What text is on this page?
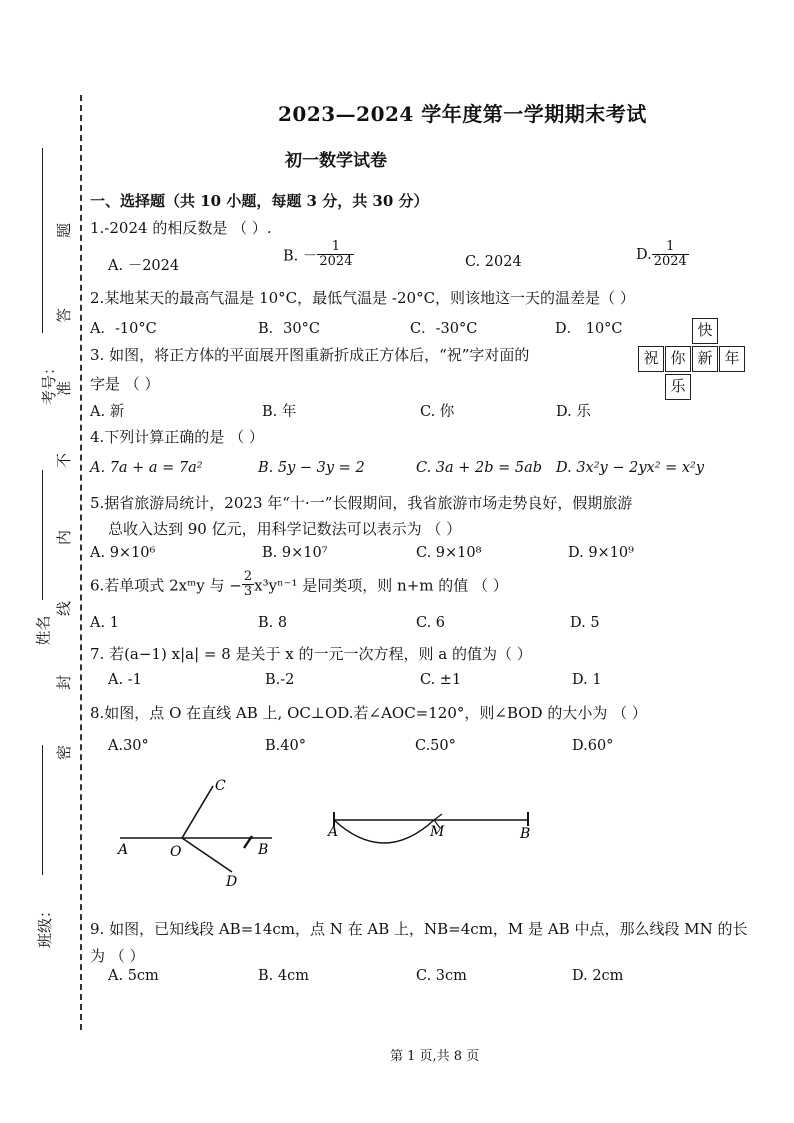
考号：
姓名
班级：
题
答
准
不
内
线
封
密
2023—2024 学年度第一学期期末考试
初一数学试卷
一、选择题（共 10 小题，每题 3 分，共 30 分）
1.-2024 的相反数是 （ ）.
A. －2024
B. － $\frac{1}{2024}$	C. 2024	D. $\frac{1}{2024}$
2.某地某天的最高气温是 10°C，最低气温是 -20°C，则该地这一天的温差是（ ）
A．-10°C	B．30°C	C．-30°C	D． 10°C
3. 如图，将正方体的平面展开图重新折成正方体后，“祝”字对面的
字是 （ ）
A. 新	B. 年	C. 你	D. 乐
快
祝 你 新 年
乐
4.下列计算正确的是 （ ）
A. 7a + a = 7a²	B. 5y − 3y = 2	C. 3a + 2b = 5ab D. 3x²y − 2yx² = x²y
5.据省旅游局统计，2023 年“十·一”长假期间，我省旅游市场走势良好，假期旅游
总收入达到 90 亿元，用科学记数法可以表示为 （ ）
A. 9×10⁶	B. 9×10⁷	C. 9×10⁸	D. 9×10⁹
6.若单项式 2xᵐy 与 − $\frac{2}{3} x^3y^{n-1}$ 是同类项，则 n+m 的值 （ ）
A. 1	B. 8	C. 6	D. 5
7. 若(a−1) x|a| = 8 是关于 x 的一元一次方程，则 a 的值为（ ）
A. -1	B.-2	C. ±1	D. 1
8.如图，点 O 在直线 AB 上, OC⊥OD.若∠AOC=120°，则∠BOD 的大小为 （ ）
A.30°	B.40°	C.50°	D.60°
C
A	O	B
D
A	M	B
9. 如图，已知线段 AB=14cm，点 N 在 AB 上，NB=4cm，M 是 AB 中点，那么线段 MN 的长
为 （ ）
A. 5cm	B. 4cm	C. 3cm	D. 2cm
第 1 页,共 8 页
